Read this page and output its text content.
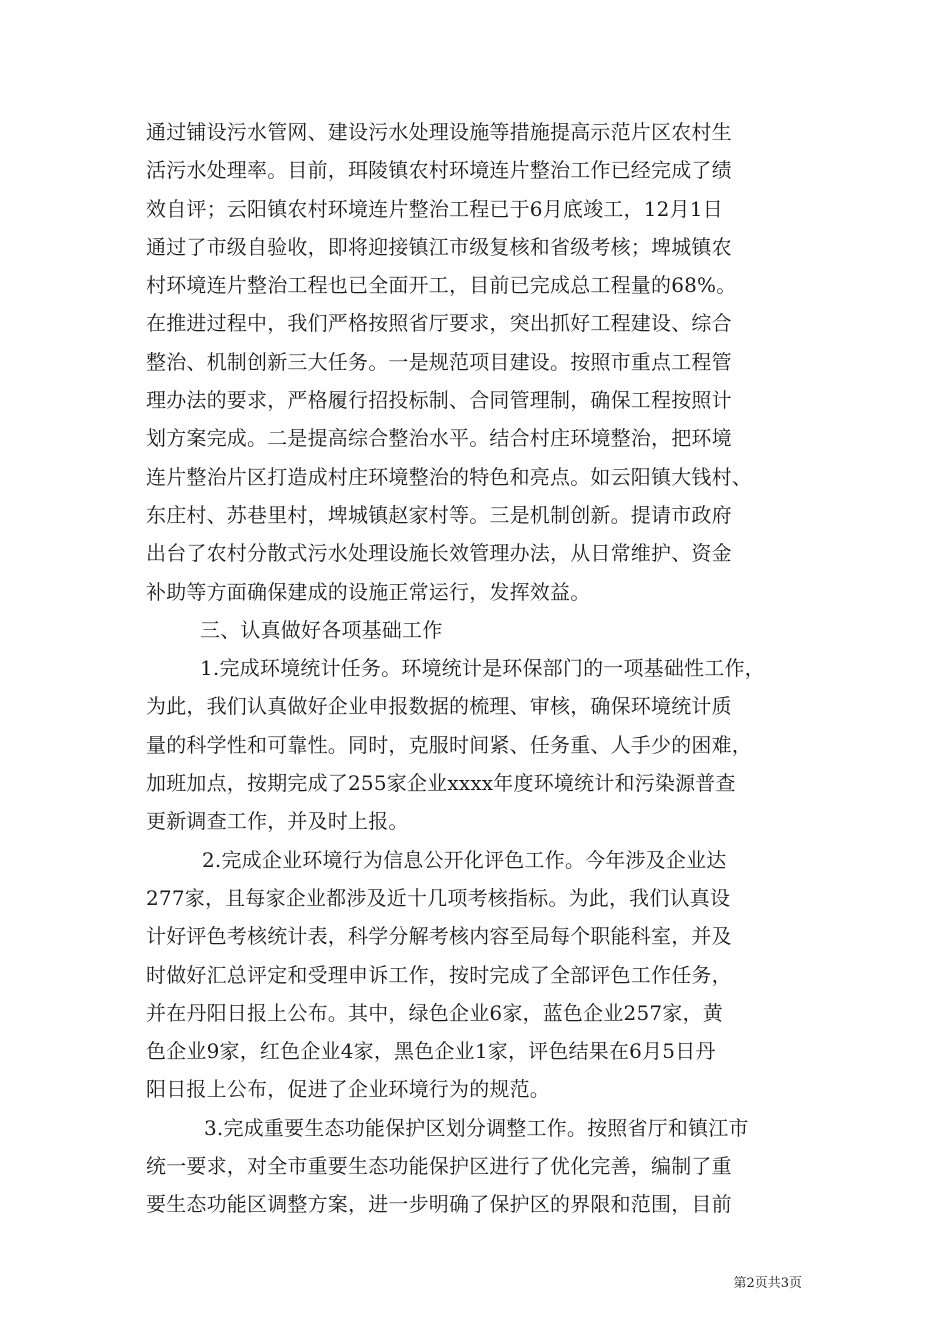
通过铺设污水管网、建设污水处理设施等措施提高示范片区农村生
活污水处理率。目前，珥陵镇农村环境连片整治工作已经完成了绩
效自评；云阳镇农村环境连片整治工程已于6月底竣工，12月1日
通过了市级自验收，即将迎接镇江市级复核和省级考核；埤城镇农
村环境连片整治工程也已全面开工，目前已完成总工程量的68%。
在推进过程中，我们严格按照省厅要求，突出抓好工程建设、综合
整治、机制创新三大任务。一是规范项目建设。按照市重点工程管
理办法的要求，严格履行招投标制、合同管理制，确保工程按照计
划方案完成。二是提高综合整治水平。结合村庄环境整治，把环境
连片整治片区打造成村庄环境整治的特色和亮点。如云阳镇大钱村、
东庄村、苏巷里村，埤城镇赵家村等。三是机制创新。提请市政府
出台了农村分散式污水处理设施长效管理办法，从日常维护、资金
补助等方面确保建成的设施正常运行，发挥效益。
三、认真做好各项基础工作
1.完成环境统计任务。环境统计是环保部门的一项基础性工作，
为此，我们认真做好企业申报数据的梳理、审核，确保环境统计质
量的科学性和可靠性。同时，克服时间紧、任务重、人手少的困难，
加班加点，按期完成了255家企业xxxx年度环境统计和污染源普查
更新调查工作，并及时上报。
2.完成企业环境行为信息公开化评色工作。今年涉及企业达
277家，且每家企业都涉及近十几项考核指标。为此，我们认真设
计好评色考核统计表，科学分解考核内容至局每个职能科室，并及
时做好汇总评定和受理申诉工作，按时完成了全部评色工作任务，
并在丹阳日报上公布。其中，绿色企业6家，蓝色企业257家，黄
色企业9家，红色企业4家，黑色企业1家，评色结果在6月5日丹
阳日报上公布，促进了企业环境行为的规范。
3.完成重要生态功能保护区划分调整工作。按照省厅和镇江市
统一要求，对全市重要生态功能保护区进行了优化完善，编制了重
要生态功能区调整方案，进一步明确了保护区的界限和范围，目前
第2页共3页
